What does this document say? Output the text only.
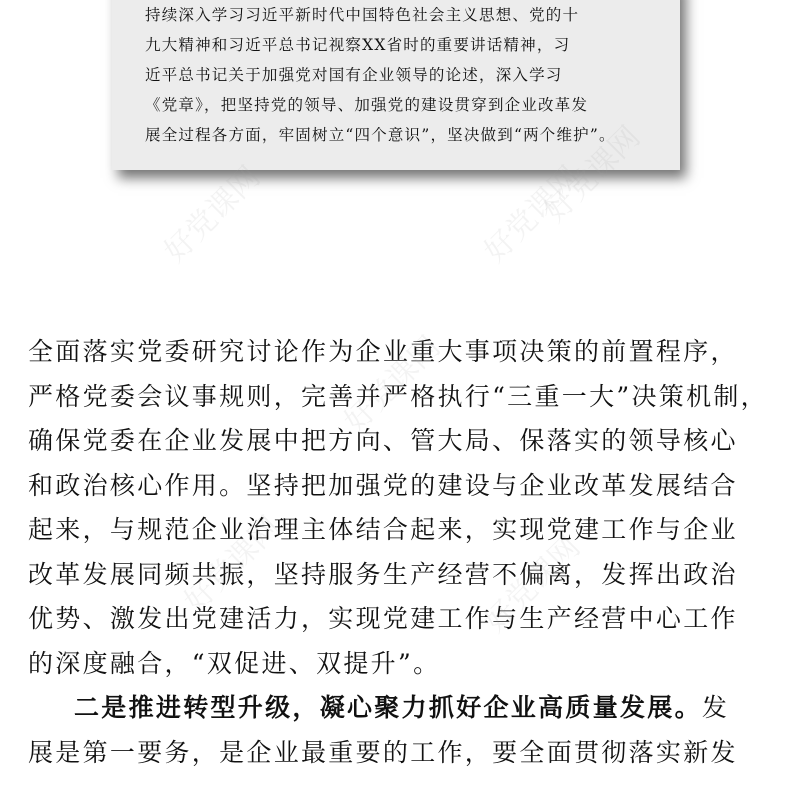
持续深入学习习近平新时代中国特色社会主义思想、党的十
九大精神和习近平总书记视察XX省时的重要讲话精神，习
近平总书记关于加强党对国有企业领导的论述，深入学习
《党章》，把坚持党的领导、加强党的建设贯穿到企业改革发
展全过程各方面，牢固树立“四个意识”，坚决做到“两个维护”。
全面落实党委研究讨论作为企业重大事项决策的前置程序，
严格党委会议事规则，完善并严格执行“三重一大”决策机制，
确保党委在企业发展中把方向、管大局、保落实的领导核心
和政治核心作用。坚持把加强党的建设与企业改革发展结合
起来，与规范企业治理主体结合起来，实现党建工作与企业
改革发展同频共振，坚持服务生产经营不偏离，发挥出政治
优势、激发出党建活力，实现党建工作与生产经营中心工作
的深度融合，“双促进、双提升”。
二是推进转型升级，凝心聚力抓好企业高质量发展。发
展是第一要务，是企业最重要的工作，要全面贯彻落实新发
好党课网	好党课网
好党课网
好党课网
好党课网	好党课网
